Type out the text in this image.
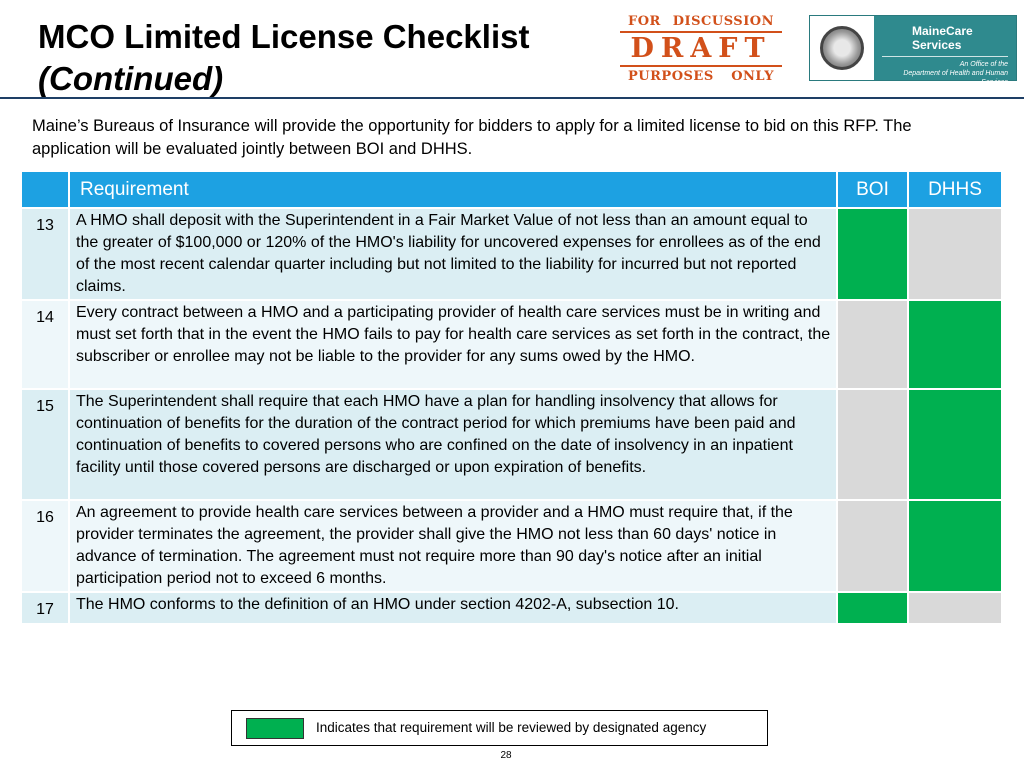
MCO Limited License Checklist
(Continued)
FOR DISCUSSION
DRAFT
PURPOSES ONLY
MaineCare Services
An Office of the
Department of Health and Human Services
Maine’s Bureaus of Insurance will provide the opportunity for bidders to apply for a limited license to bid on this RFP. The application will be evaluated jointly between BOI and DHHS.
	Requirement	BOI	DHHS
13	A HMO shall deposit with the Superintendent in a Fair Market Value of not less than an amount equal to the greater of $100,000 or 120% of the HMO's liability for uncovered expenses for enrollees as of the end of the most recent calendar quarter including but not limited to the liability for incurred but not reported claims.		
14	Every contract between a HMO and a participating provider of health care services must be in writing and must set forth that in the event the HMO fails to pay for health care services as set forth in the contract, the subscriber or enrollee may not be liable to the provider for any sums owed by the HMO.		
15	The Superintendent shall require that each HMO have a plan for handling insolvency that allows for continuation of benefits for the duration of the contract period for which premiums have been paid and continuation of benefits to covered persons who are confined on the date of insolvency in an inpatient facility until those covered persons are discharged or upon expiration of benefits.		
16	An agreement to provide health care services between a provider and a HMO must require that, if the provider terminates the agreement, the provider shall give the HMO not less than 60 days' notice in advance of termination. The agreement must not require more than 90 day's notice after an initial participation period not to exceed 6 months.		
17	The HMO conforms to the definition of an HMO under section 4202-A, subsection 10.		
Indicates that requirement will be reviewed by designated agency
28
